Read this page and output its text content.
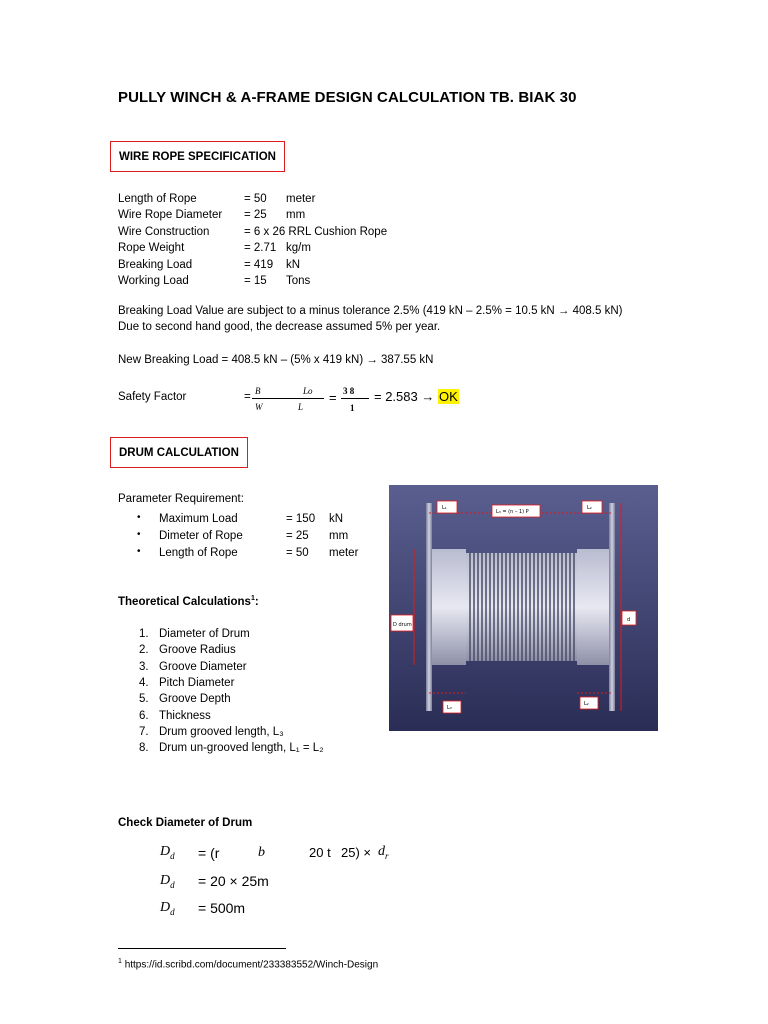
PULLY WINCH & A-FRAME DESIGN CALCULATION TB. BIAK 30
WIRE ROPE SPECIFICATION
Length of Rope	= 50 meter
Wire Rope Diameter = 25 mm
Wire Construction	= 6 x 26 RRL Cushion Rope
Rope Weight	= 2.71 kg/m
Breaking Load	= 419 kN
Working Load	= 15 Tons
Breaking Load Value are subject to a minus tolerance 2.5% (419 kN – 2.5% = 10.5 kN → 408.5 kN)
Due to second hand good, the decrease assumed 5% per year.
New Breaking Load = 408.5 kN – (5% x 419 kN) → 387.55 kN
Safety Factor	= B
W
Lo
L
= 3 8
1
= 2.583 → OK
DRUM CALCULATION
Parameter Requirement:
• Maximum Load	= 150 kN
• Dimeter of Rope	= 25 mm
• Length of Rope	= 50 meter
Theoretical Calculations$^1$:
1. Diameter of Drum
2. Groove Radius
3. Groove Diameter
4. Pitch Diameter
5. Groove Depth
6. Thickness
7. Drum grooved length, L₃
8. Drum un-grooved length, L₁ = L₂
L₁
L₃ = (n – 1) P
L₂
D drum
d
L₃
L₂
Check Diameter of Drum
$D_d = (r$	b	20 t $25) \times d_r$
$D_d = 20 \times 25m$
$D_d = 500m$
$^1$ https://id.scribd.com/document/233383552/Winch-Design
